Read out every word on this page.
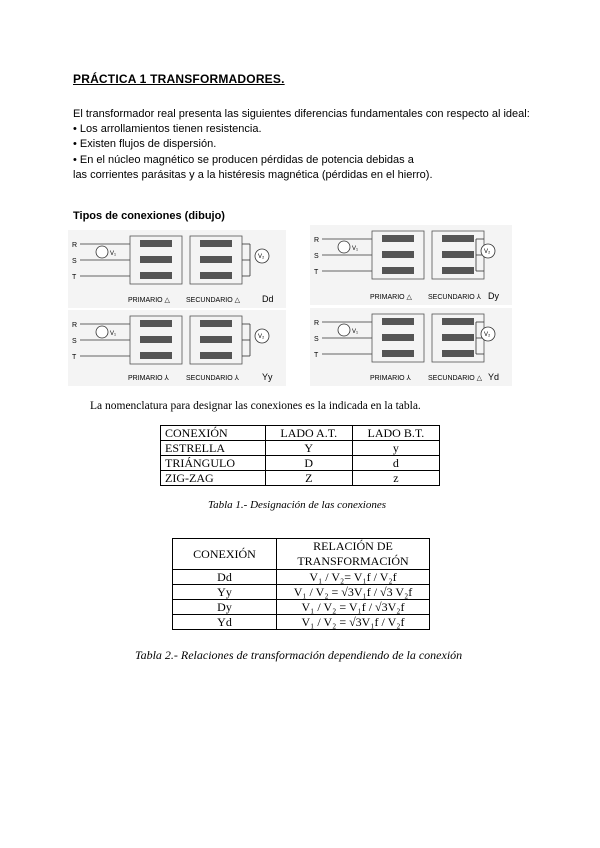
PRÁCTICA 1 TRANSFORMADORES.

El transformador real presenta las siguientes diferencias fundamentales con respecto al ideal:

• Los arrollamientos tienen resistencia.

• Existen flujos de dispersión.

• En el núcleo magnético se producen pérdidas de potencia debidas a

las corrientes parásitas y a la histéresis magnética (pérdidas en el hierro).

Tipos de conexiones (dibujo)
R
S
T
V₁	V₂
PRIMARIO △ SECUNDARIO △ Dd
R
S
T
V₁	V₂
PRIMARIO △ SECUNDARIO ⅄ Dy
R
S
T
V₁	V₂
PRIMARIO ⅄ SECUNDARIO ⅄	Yy
R
S
T
V₁	V₂
PRIMARIO ⅄ SECUNDARIO △ Yd
La nomenclatura para designar las conexiones es la indicada en la tabla.
CONEXIÓN	LADO A.T.	LADO B.T.
ESTRELLA	Y	y
TRIÁNGULO	D	d
ZIG-ZAG	Z	z
Tabla 1.- Designación de las conexiones
CONEXIÓN	RELACIÓN DE TRANSFORMACIÓN
Dd	V₁ / V₂= V₁f / V₂f
Yy	V₁ / V₂ = √3V₁f / √3 V₂f
Dy	V₁ / V₂ = V₁f / √3V₂f
Yd	V₁ / V₂ = √3V₁f / V₂f
Tabla 2.- Relaciones de transformación dependiendo de la conexión
